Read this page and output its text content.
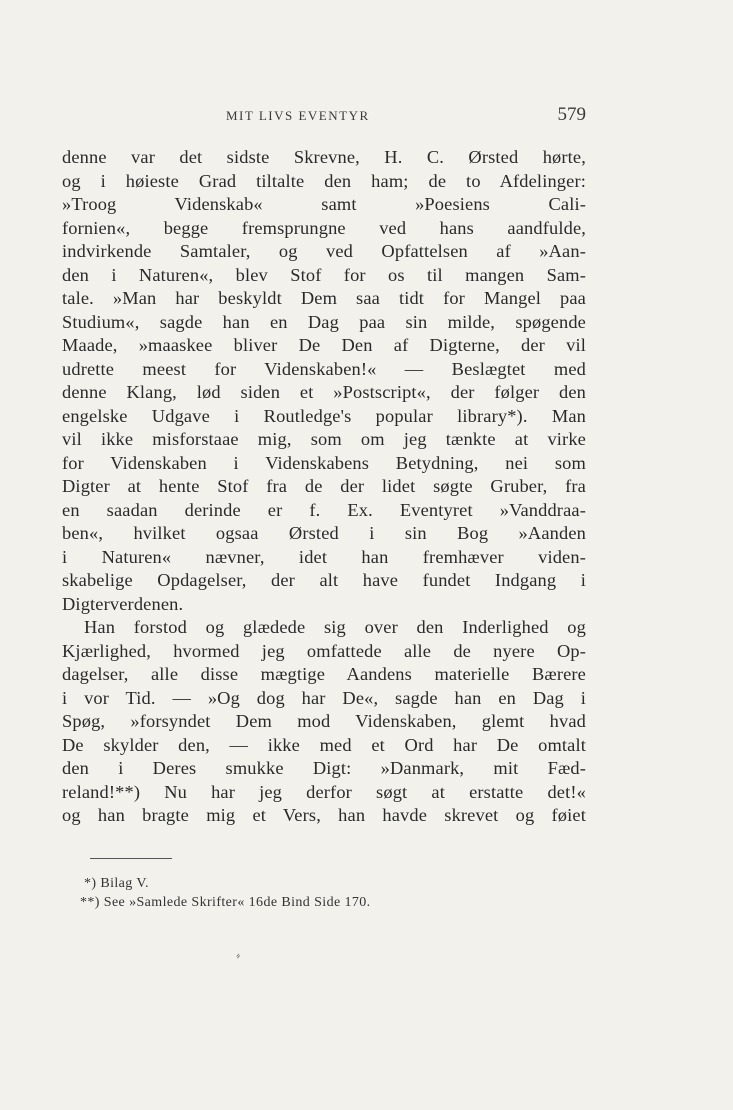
MIT LIVS EVENTYR	579
denne var det sidste Skrevne, H. C. Ørsted hørte,
og i høieste Grad tiltalte den ham; de to Afdelinger:
»Troog Videnskab« samt »Poesiens Cali-
fornien«, begge fremsprungne ved hans aandfulde,
indvirkende Samtaler, og ved Opfattelsen af »Aan-
den i Naturen«, blev Stof for os til mangen Sam-
tale. »Man har beskyldt Dem saa tidt for Mangel paa
Studium«, sagde han en Dag paa sin milde, spøgende
Maade, »maaskee bliver De Den af Digterne, der vil
udrette meest for Videnskaben!« — Beslægtet med
denne Klang, lød siden et »Postscript«, der følger den
engelske Udgave i Routledge's popular library*). Man
vil ikke misforstaae mig, som om jeg tænkte at virke
for Videnskaben i Videnskabens Betydning, nei som
Digter at hente Stof fra de der lidet søgte Gruber, fra
en saadan derinde er f. Ex. Eventyret »Vanddraa-
ben«, hvilket ogsaa Ørsted i sin Bog »Aanden
i Naturen« nævner, idet han fremhæver viden-
skabelige Opdagelser, der alt have fundet Indgang i
Digterverdenen.
Han forstod og glædede sig over den Inderlighed og
Kjærlighed, hvormed jeg omfattede alle de nyere Op-
dagelser, alle disse mægtige Aandens materielle Bærere
i vor Tid. — »Og dog har De«, sagde han en Dag i
Spøg, »forsyndet Dem mod Videnskaben, glemt hvad
De skylder den, — ikke med et Ord har De omtalt
den i Deres smukke Digt: »Danmark, mit Fæd-
reland!**) Nu har jeg derfor søgt at erstatte det!«
og han bragte mig et Vers, han havde skrevet og føiet
*) Bilag V.
**) See »Samlede Skrifter« 16de Bind Side 170.
⸗
